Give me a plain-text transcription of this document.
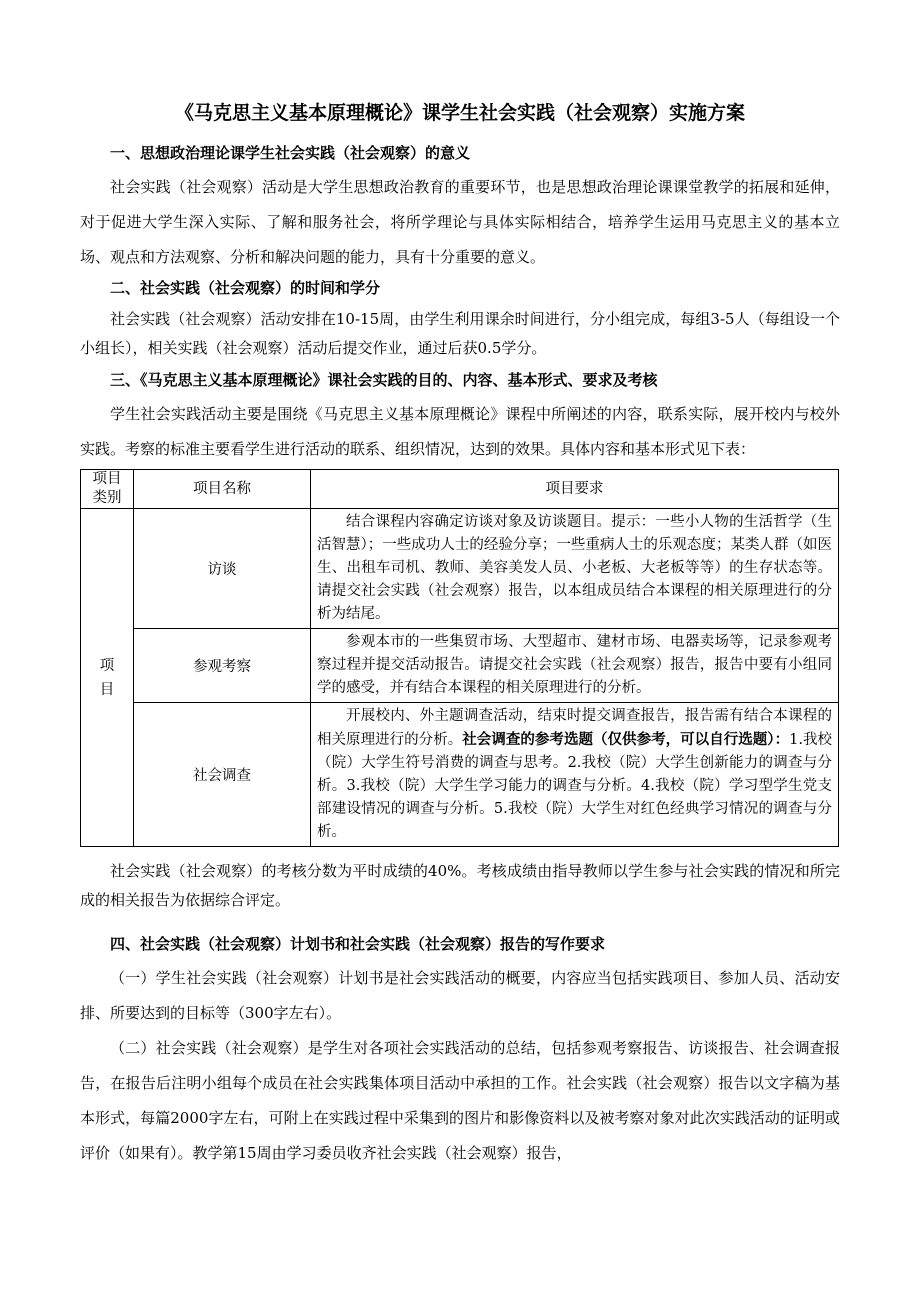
《马克思主义基本原理概论》课学生社会实践（社会观察）实施方案
一、思想政治理论课学生社会实践（社会观察）的意义

社会实践（社会观察）活动是大学生思想政治教育的重要环节，也是思想政治理论课课堂教学的拓展和延伸，对于促进大学生深入实际、了解和服务社会，将所学理论与具体实际相结合，培养学生运用马克思主义的基本立场、观点和方法观察、分析和解决问题的能力，具有十分重要的意义。

二、社会实践（社会观察）的时间和学分

社会实践（社会观察）活动安排在10-15周，由学生利用课余时间进行，分小组完成，每组3-5人（每组设一个小组长），相关实践（社会观察）活动后提交作业，通过后获0.5学分。

三、《马克思主义基本原理概论》课社会实践的目的、内容、基本形式、要求及考核

学生社会实践活动主要是围绕《马克思主义基本原理概论》课程中所阐述的内容，联系实际，展开校内与校外实践。考察的标准主要看学生进行活动的联系、组织情况，达到的效果。具体内容和基本形式见下表：

项目类别	项目名称	项目要求
项目	访谈	结合课程内容确定访谈对象及访谈题目。提示：一些小人物的生活哲学（生活智慧）；一些成功人士的经验分享；一些重病人士的乐观态度；某类人群（如医生、出租车司机、教师、美容美发人员、小老板、大老板等等）的生存状态等。请提交社会实践（社会观察）报告，以本组成员结合本课程的相关原理进行的分析为结尾。
	参观考察	参观本市的一些集贸市场、大型超市、建材市场、电器卖场等，记录参观考察过程并提交活动报告。请提交社会实践（社会观察）报告，报告中要有小组同学的感受，并有结合本课程的相关原理进行的分析。
	社会调查	开展校内、外主题调查活动，结束时提交调查报告，报告需有结合本课程的相关原理进行的分析。社会调查的参考选题（仅供参考，可以自行选题）：1.我校（院）大学生符号消费的调查与思考。2.我校（院）大学生创新能力的调查与分析。3.我校（院）大学生学习能力的调查与分析。4.我校（院）学习型学生党支部建设情况的调查与分析。5.我校（院）大学生对红色经典学习情况的调查与分析。

社会实践（社会观察）的考核分数为平时成绩的40%。考核成绩由指导教师以学生参与社会实践的情况和所完成的相关报告为依据综合评定。

四、社会实践（社会观察）计划书和社会实践（社会观察）报告的写作要求

（一）学生社会实践（社会观察）计划书是社会实践活动的概要，内容应当包括实践项目、参加人员、活动安排、所要达到的目标等（300字左右）。

（二）社会实践（社会观察）是学生对各项社会实践活动的总结，包括参观考察报告、访谈报告、社会调查报告，在报告后注明小组每个成员在社会实践集体项目活动中承担的工作。社会实践（社会观察）报告以文字稿为基本形式，每篇2000字左右，可附上在实践过程中采集到的图片和影像资料以及被考察对象对此次实践活动的证明或评价（如果有）。教学第15周由学习委员收齐社会实践（社会观察）报告，
